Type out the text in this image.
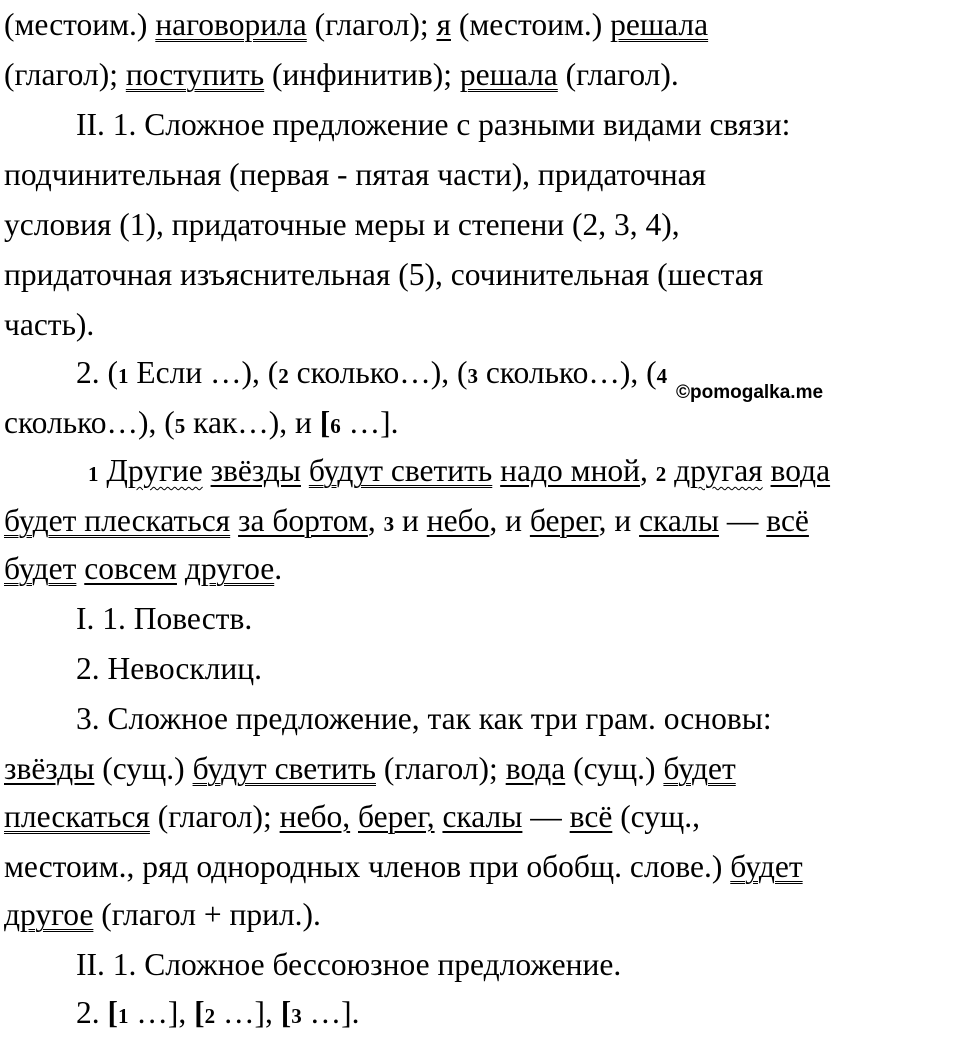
(местоим.) наговорила (глагол); я (местоим.) решала
(глагол); поступить (инфинитив); решала (глагол).
II. 1. Сложное предложение с разными видами связи:
подчинительная (первая - пятая части), придаточная
условия (1), придаточные меры и степени (2, 3, 4),
придаточная изъяснительная (5), сочинительная (шестая
часть).
2. (1 Если …), (2 сколько…), (3 сколько…), (4
сколько…), (5 как…), и [6 …].
1 Другие звёзды будут светить надо мной, 2 другая вода
будет плескаться за бортом, 3 и небо, и берег, и скалы — всё
будет совсем другое.
I. 1. Повеств.
2. Невосклиц.
3. Сложное предложение, так как три грам. основы:
звёзды (сущ.) будут светить (глагол); вода (сущ.) будет
плескаться (глагол); небо, берег, скалы — всё (сущ.,
местоим., ряд однородных членов при обобщ. слове.) будет
другое (глагол + прил.).
II. 1. Сложное бессоюзное предложение.
2. [1 …], [2 …], [3 …].
©pomogalka.me
